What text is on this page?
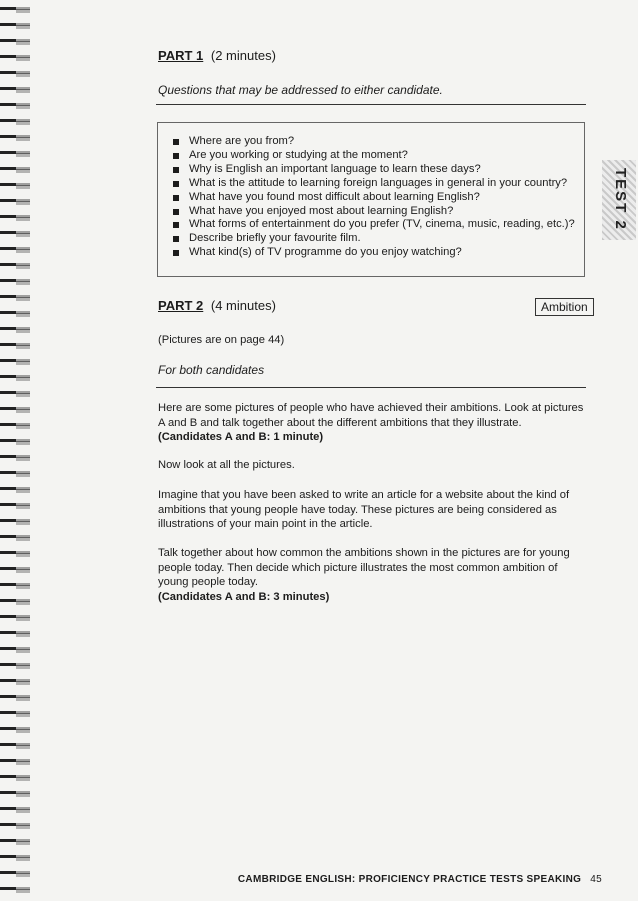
TEST 2
PART 1 (2 minutes)
Questions that may be addressed to either candidate.
Where are you from?
Are you working or studying at the moment?
Why is English an important language to learn these days?
What is the attitude to learning foreign languages in general in your country?
What have you found most difficult about learning English?
What have you enjoyed most about learning English?
What forms of entertainment do you prefer (TV, cinema, music, reading, etc.)?
Describe briefly your favourite film.
What kind(s) of TV programme do you enjoy watching?
PART 2 (4 minutes)	Ambition
(Pictures are on page 44)
For both candidates
Here are some pictures of people who have achieved their ambitions. Look at pictures A and B and talk together about the different ambitions that they illustrate.
(Candidates A and B: 1 minute)
Now look at all the pictures.
Imagine that you have been asked to write an article for a website about the kind of ambitions that young people have today. These pictures are being considered as illustrations of your main point in the article.
Talk together about how common the ambitions shown in the pictures are for young people today. Then decide which picture illustrates the most common ambition of young people today.
(Candidates A and B: 3 minutes)
CAMBRIDGE ENGLISH: PROFICIENCY PRACTICE TESTS SPEAKING 45
